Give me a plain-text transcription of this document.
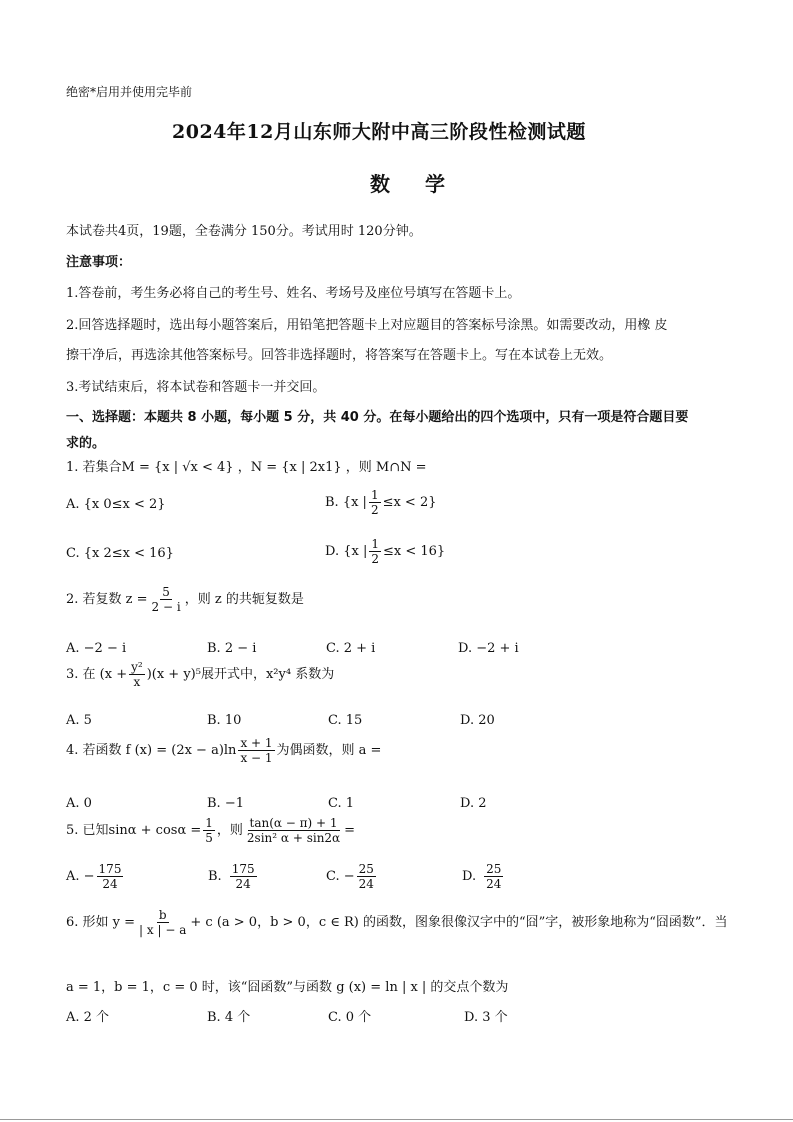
绝密*启用并使用完毕前
2024年12月山东师大附中高三阶段性检测试题
数 学
本试卷共4页，19题，全卷满分 150分。考试用时 120分钟。
注意事项：
1.答卷前，考生务必将自己的考生号、姓名、考场号及座位号填写在答题卡上。
2.回答选择题时，选出每小题答案后，用铅笔把答题卡上对应题目的答案标号涂黑。如需要改动，用橡 皮
擦干净后，再选涂其他答案标号。回答非选择题时，将答案写在答题卡上。写在本试卷上无效。
3.考试结束后，将本试卷和答题卡一并交回。
一、选择题：本题共 8 小题，每小题 5 分，共 40 分。在每小题给出的四个选项中，只有一项是符合题目要
求的。
1. 若集合M = {x | √x < 4} ，N = {x | 2x1} ，则 M∩N =
A. {x 0≤x < 2}	B. {x | $\frac{1}{2} \le x < 2$}
C. {x 2≤x < 16}	D. {x | $\frac{1}{2} \le x < 16$}
2. 若复数 $z = \frac{5}{2 - i}$ ，则 z 的共轭复数是
A. −2 − i	B. 2 − i	C. 2 + i	D. −2 + i
3. 在 $(x + \frac{\text{y²}}{x} )(x + y)^5$展开式中，x²y⁴ 系数为
A. 5	B. 10	C. 15	D. 20
4. 若函数 f $(x) = (2x - a)\ln \frac{x + 1}{x - 1}$ 为偶函数，则 a =
A. 0	B. −1	C. 1	D. 2
5. 已知$\sin\alpha + \cos\alpha = \frac{1}{5}$ ，则 $\frac{\tan(\alpha - \pi) + 1}{\text{2sin² α + sin2α}}$ =
A. − $\frac{175}{24}$	B. $\frac{175}{24}$	C. − $\frac{25}{24}$	D. $\frac{25}{24}$
6. 形如 $y = \frac{b}{| x | - a} + c$ (a > 0，b > 0，c ∈ R) 的函数，图象很像汉字中的“囧”字，被形象地称为“囧函数”．当
a = 1，b = 1，c = 0 时，该“囧函数”与函数 g (x) = ln | x | 的交点个数为
A. 2 个	B. 4 个	C. 0 个	D. 3 个
